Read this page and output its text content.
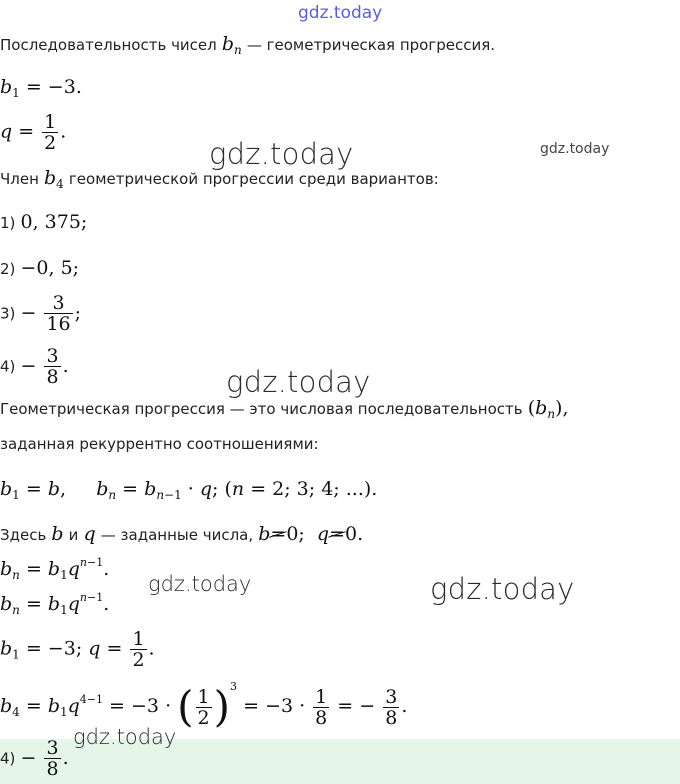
gdz.today
gdz.today	gdz.today
gdz.today
gdz.today	gdz.today
gdz.today
Последовательность чисел $b_n$ — геометрическая прогрессия.
$b_1 = -3$.
$q = \frac{1}{2}$ .
Член $b_4$ геометрической прогрессии среди вариантов:
1) 0, 375;
2) −0, 5;
$3) - \frac{3}{16}$ ;
$4) - \frac{3}{8}$ .
Геометрическая прогрессия — это числовая последовательность $(b_n)$,
заданная рекуррентно соотношениями:
$b_1 = b$,     $b_n = b_{n-1} \cdot q$; (n = 2; 3; 4; ...).
Здесь b и q — заданные числа, b=0;  q=0.
$b_n = b_1q^{n-1}$.
$b_n = b_1q^{n-1}$.
$b_1 = -3$; $q = \frac{1}{2}$ .
$b_4 = b_1q^{4-1} = -3$ · ( $\frac{1}{2} )^3 = -3 \cdot \frac{1}{8}$ = − $\frac{3}{8}$ .
$4) - \frac{3}{8}$ .
